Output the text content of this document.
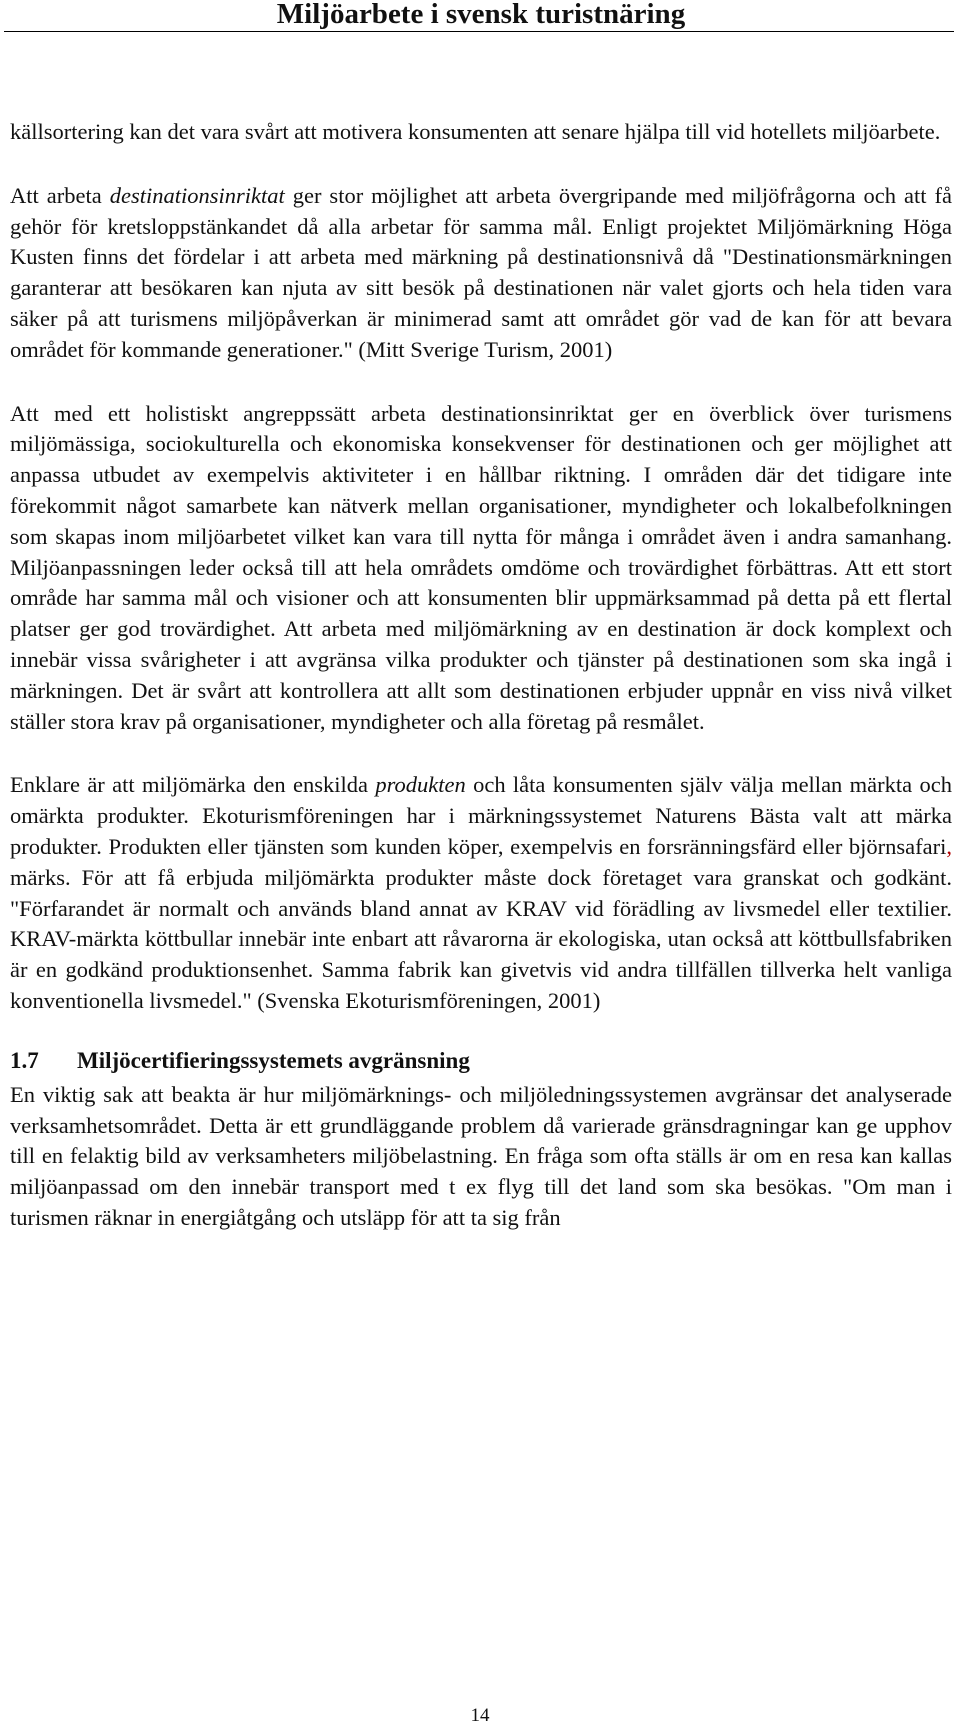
Miljöarbete i svensk turistnäring

källsortering kan det vara svårt att motivera konsumenten att senare hjälpa till vid hotellets miljöarbete.

Att arbeta destinationsinriktat ger stor möjlighet att arbeta övergripande med miljöfrågorna och att få gehör för kretsloppstänkandet då alla arbetar för samma mål. Enligt projektet Miljömärkning Höga Kusten finns det fördelar i att arbeta med märkning på destinationsnivå då "Destinationsmärkningen garanterar att besökaren kan njuta av sitt besök på destinationen när valet gjorts och hela tiden vara säker på att turismens miljöpåverkan är minimerad samt att området gör vad de kan för att bevara området för kommande generationer." (Mitt Sverige Turism, 2001)

Att med ett holistiskt angreppssätt arbeta destinationsinriktat ger en överblick över turismens miljömässiga, sociokulturella och ekonomiska konsekvenser för destinationen och ger möjlighet att anpassa utbudet av exempelvis aktiviteter i en hållbar riktning. I områden där det tidigare inte förekommit något samarbete kan nätverk mellan organisationer, myndigheter och lokalbefolkningen som skapas inom miljöarbetet vilket kan vara till nytta för många i området även i andra samanhang. Miljöanpassningen leder också till att hela områdets omdöme och trovärdighet förbättras. Att ett stort område har samma mål och visioner och att konsumenten blir uppmärksammad på detta på ett flertal platser ger god trovärdighet. Att arbeta med miljömärkning av en destination är dock komplext och innebär vissa svårigheter i att avgränsa vilka produkter och tjänster på destinationen som ska ingå i märkningen. Det är svårt att kontrollera att allt som destinationen erbjuder uppnår en viss nivå vilket ställer stora krav på organisationer, myndigheter och alla företag på resmålet.

Enklare är att miljömärka den enskilda produkten och låta konsumenten själv välja mellan märkta och omärkta produkter. Ekoturismföreningen har i märkningssystemet Naturens Bästa valt att märka produkter. Produkten eller tjänsten som kunden köper, exempelvis en forsränningsfärd eller björnsafari, märks. För att få erbjuda miljömärkta produkter måste dock företaget vara granskat och godkänt. "Förfarandet är normalt och används bland annat av KRAV vid förädling av livsmedel eller textilier. KRAV-märkta köttbullar innebär inte enbart att råvarorna är ekologiska, utan också att köttbullsfabriken är en godkänd produktionsenhet. Samma fabrik kan givetvis vid andra tillfällen tillverka helt vanliga konventionella livsmedel." (Svenska Ekoturismföreningen, 2001)

1.7	Miljöcertifieringssystemets avgränsning

En viktig sak att beakta är hur miljömärknings- och miljöledningssystemen avgränsar det analyserade verksamhetsområdet. Detta är ett grundläggande problem då varierade gränsdragningar kan ge upphov till en felaktig bild av verksamheters miljöbelastning. En fråga som ofta ställs är om en resa kan kallas miljöanpassad om den innebär transport med t ex flyg till det land som ska besökas. "Om man i turismen räknar in energiåtgång och utsläpp för att ta sig från

14
